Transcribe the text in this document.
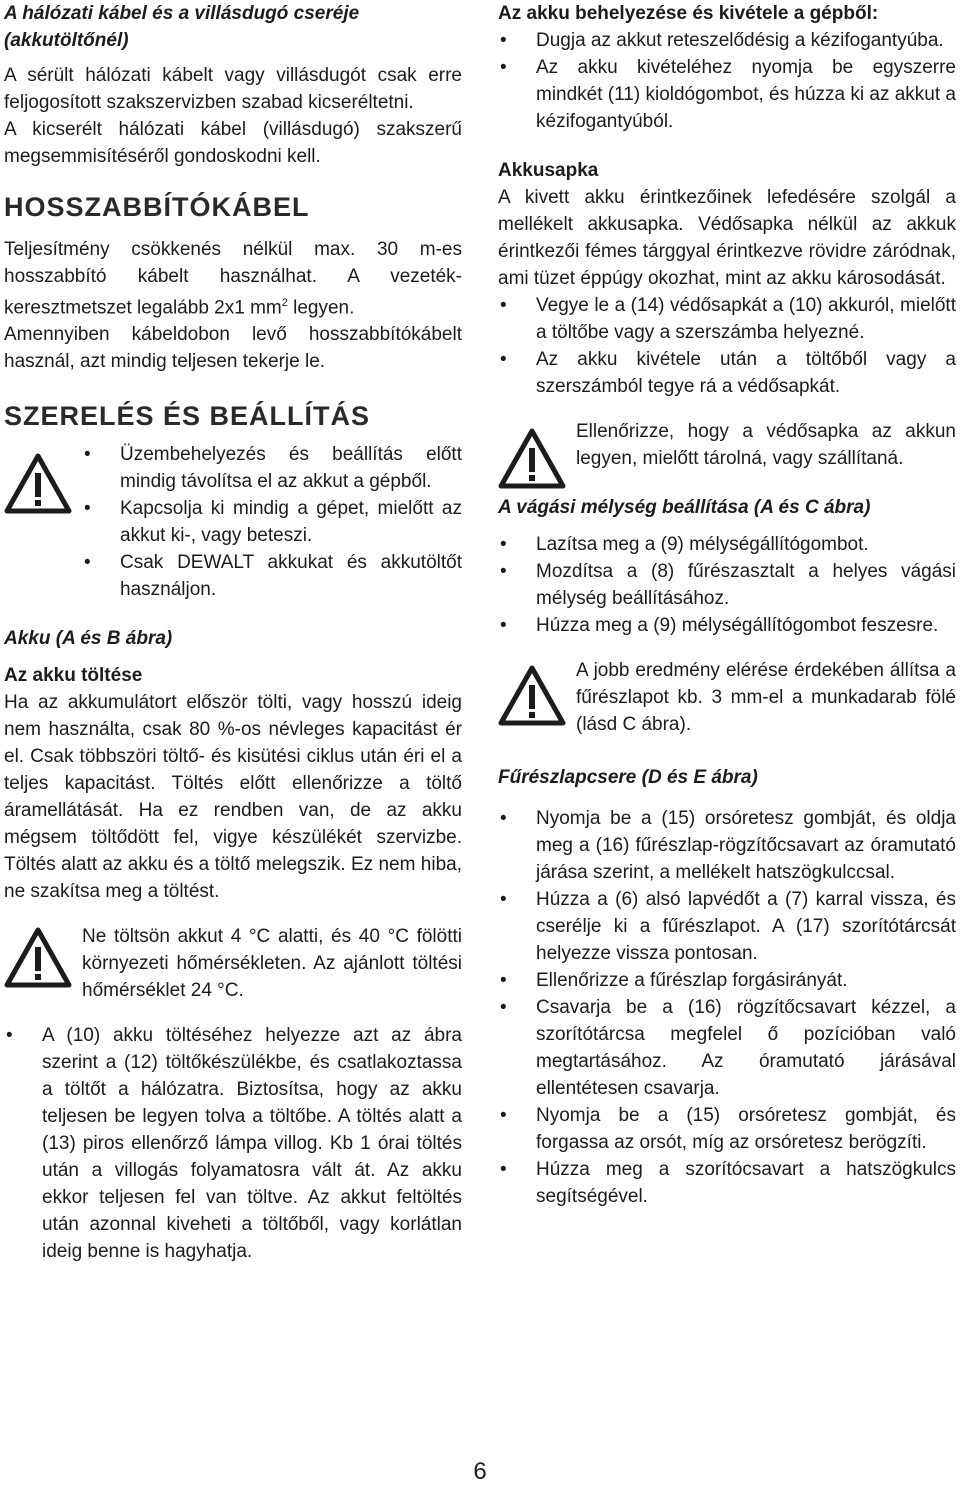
A hálózati kábel és a villásdugó cseréje (akkutöltőnél)

A sérült hálózati kábelt vagy villásdugót csak erre feljogosított szakszervizben szabad kicseréltetni.

A kicserélt hálózati kábel (villásdugó) szakszerű megsemmisítéséről gondoskodni kell.

HOSSZABBÍTÓKÁBEL

Teljesítmény csökkenés nélkül max. 30 m-es hosszabbító kábelt használhat. A vezeték-keresztmetszet legalább 2x1 $mm^2$ legyen.

Amennyiben kábeldobon levő hosszabbítókábelt használ, azt mindig teljesen tekerje le.

SZERELÉS ÉS BEÁLLÍTÁS
• Üzembehelyezés és beállítás előtt mindig távolítsa el az akkut a gépből.
• Kapcsolja ki mindig a gépet, mielőtt az akkut ki-, vagy beteszi.
• Csak DEWALT akkukat és akkutöltőt használjon.
Akku (A és B ábra)
Az akku töltése

Ha az akkumulátort először tölti, vagy hosszú ideig nem használta, csak 80 %-os névleges kapacitást ér el. Csak többszöri töltő- és kisütési ciklus után éri el a teljes kapacitást. Töltés előtt ellenőrizze a töltő áramellátását. Ha ez rendben van, de az akku mégsem töltődött fel, vigye készülékét szervizbe. Töltés alatt az akku és a töltő melegszik. Ez nem hiba, ne szakítsa meg a töltést.

Ne töltsön akkut 4 °C alatti, és 40 °C fölötti környezeti hőmérsékleten. Az ajánlott töltési hőmérséklet 24 °C.

• A (10) akku töltéséhez helyezze azt az ábra szerint a (12) töltőkészülékbe, és csatlakoztassa a töltőt a hálózatra. Biztosítsa, hogy az akku teljesen be legyen tolva a töltőbe. A töltés alatt a (13) piros ellenőrző lámpa villog. Kb 1 órai töltés után a villogás folyamatosra vált át. Az akku ekkor teljesen fel van töltve. Az akkut feltöltés után azonnal kiveheti a töltőből, vagy korlátlan ideig benne is hagyhatja.
Az akku behelyezése és kivétele a gépből:
• Dugja az akkut reteszelődésig a kézifogantyúba.
• Az akku kivételéhez nyomja be egyszerre mindkét (11) kioldógombot, és húzza ki az akkut a kézifogantyúból.
Akkusapka

A kivett akku érintkezőinek lefedésére szolgál a mellékelt akkusapka. Védősapka nélkül az akkuk érintkezői fémes tárggyal érintkezve rövidre záródnak, ami tüzet éppúgy okozhat, mint az akku károsodását.

• Vegye le a (14) védősapkát a (10) akkuról, mielőtt a töltőbe vagy a szerszámba helyezné.
• Az akku kivétele után a töltőből vagy a szerszámból tegye rá a védősapkát.

Ellenőrizze, hogy a védősapka az akkun legyen, mielőtt tárolná, vagy szállítaná.

A vágási mélység beállítása (A és C ábra)
• Lazítsa meg a (9) mélységállítógombot.
• Mozdítsa a (8) fűrészasztalt a helyes vágási mélység beállításához.
• Húzza meg a (9) mélységállítógombot feszesre.

A jobb eredmény elérése érdekében állítsa a fűrészlapot kb. 3 mm-el a munkadarab fölé (lásd C ábra).

Fűrészlapcsere (D és E ábra)
• Nyomja be a (15) orsóretesz gombját, és oldja meg a (16) fűrészlap-rögzítőcsavart az óramutató járása szerint, a mellékelt hatszögkulccsal.
• Húzza a (6) alsó lapvédőt a (7) karral vissza, és cserélje ki a fűrészlapot. A (17) szorítótárcsát helyezze vissza pontosan.
• Ellenőrizze a fűrészlap forgásirányát.
• Csavarja be a (16) rögzítőcsavart kézzel, a szorítótárcsa megfelel ő pozícióban való megtartásához. Az óramutató járásával ellentétesen csavarja.
• Nyomja be a (15) orsóretesz gombját, és forgassa az orsót, míg az orsóretesz berögzíti.
• Húzza meg a szorítócsavart a hatszögkulcs segítségével.
6
